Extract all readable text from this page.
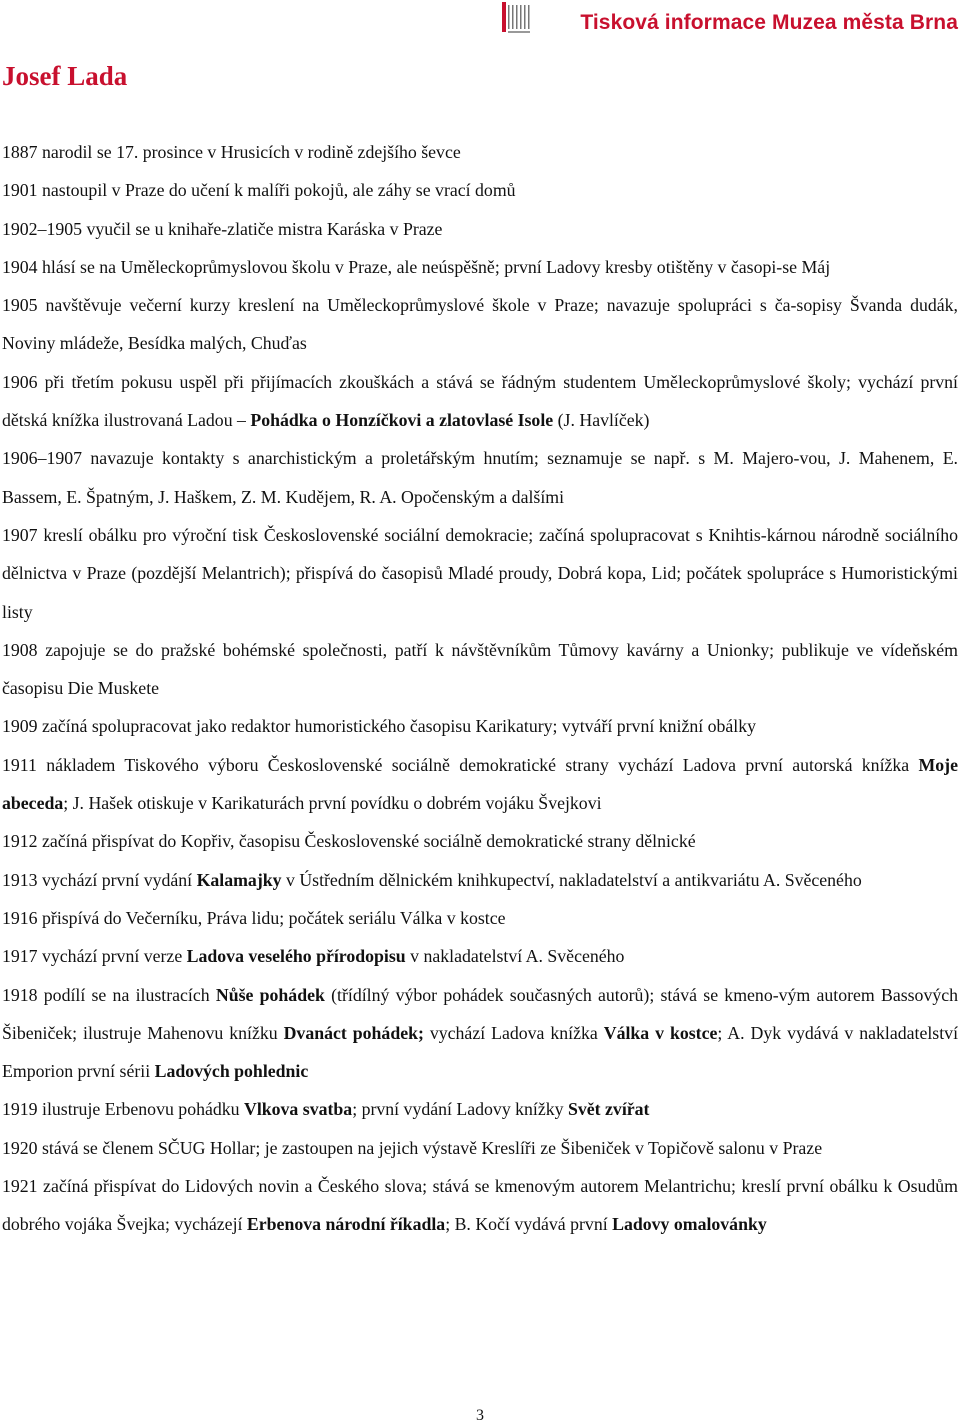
Tisková informace Muzea města Brna
Josef Lada

1887 narodil se 17. prosince v Hrusicích v rodině zdejšího ševce

1901 nastoupil v Praze do učení k malíři pokojů, ale záhy se vrací domů

1902–1905 vyučil se u knihaře-zlatiče mistra Karáska v Praze

1904 hlásí se na Uměleckoprůmyslovou školu v Praze, ale neúspěšně; první Ladovy kresby otištěny v časopi-se Máj

1905 navštěvuje večerní kurzy kreslení na Uměleckoprůmyslové škole v Praze; navazuje spolupráci s ča-sopisy Švanda dudák, Noviny mládeže, Besídka malých, Chuďas

1906 při třetím pokusu uspěl při přijímacích zkouškách a stává se řádným studentem Uměleckoprůmyslové školy; vychází první dětská knížka ilustrovaná Ladou – Pohádka o Honzíčkovi a zlatovlasé Isole (J. Havlíček)

1906–1907 navazuje kontakty s anarchistickým a proletářským hnutím; seznamuje se např. s M. Majero-vou, J. Mahenem, E. Bassem, E. Špatným, J. Haškem, Z. M. Kudějem, R. A. Opočenským a dalšími

1907 kreslí obálku pro výroční tisk Československé sociální demokracie; začíná spolupracovat s Knihtis-kárnou národně sociálního dělnictva v Praze (pozdější Melantrich); přispívá do časopisů Mladé proudy, Dobrá kopa, Lid; počátek spolupráce s Humoristickými listy

1908 zapojuje se do pražské bohémské společnosti, patří k návštěvníkům Tůmovy kavárny a Unionky; publikuje ve vídeňském časopisu Die Muskete

1909 začíná spolupracovat jako redaktor humoristického časopisu Karikatury; vytváří první knižní obálky

1911 nákladem Tiskového výboru Československé sociálně demokratické strany vychází Ladova první autorská knížka Moje abeceda; J. Hašek otiskuje v Karikaturách první povídku o dobrém vojáku Švejkovi

1912 začíná přispívat do Kopřiv, časopisu Československé sociálně demokratické strany dělnické

1913 vychází první vydání Kalamajky v Ústředním dělnickém knihkupectví, nakladatelství a antikvariátu A. Svěceného

1916 přispívá do Večerníku, Práva lidu; počátek seriálu Válka v kostce

1917 vychází první verze Ladova veselého přírodopisu v nakladatelství A. Svěceného

1918 podílí se na ilustracích Nůše pohádek (třídílný výbor pohádek současných autorů); stává se kmeno-vým autorem Bassových Šibeniček; ilustruje Mahenovu knížku Dvanáct pohádek; vychází Ladova knížka Válka v kostce; A. Dyk vydává v nakladatelství Emporion první sérii Ladových pohlednic

1919 ilustruje Erbenovu pohádku Vlkova svatba; první vydání Ladovy knížky Svět zvířat

1920 stává se členem SČUG Hollar; je zastoupen na jejich výstavě Kreslíři ze Šibeniček v Topičově salonu v Praze

1921 začíná přispívat do Lidových novin a Českého slova; stává se kmenovým autorem Melantrichu; kreslí první obálku k Osudům dobrého vojáka Švejka; vycházejí Erbenova národní říkadla; B. Kočí vydává první Ladovy omalovánky

3
